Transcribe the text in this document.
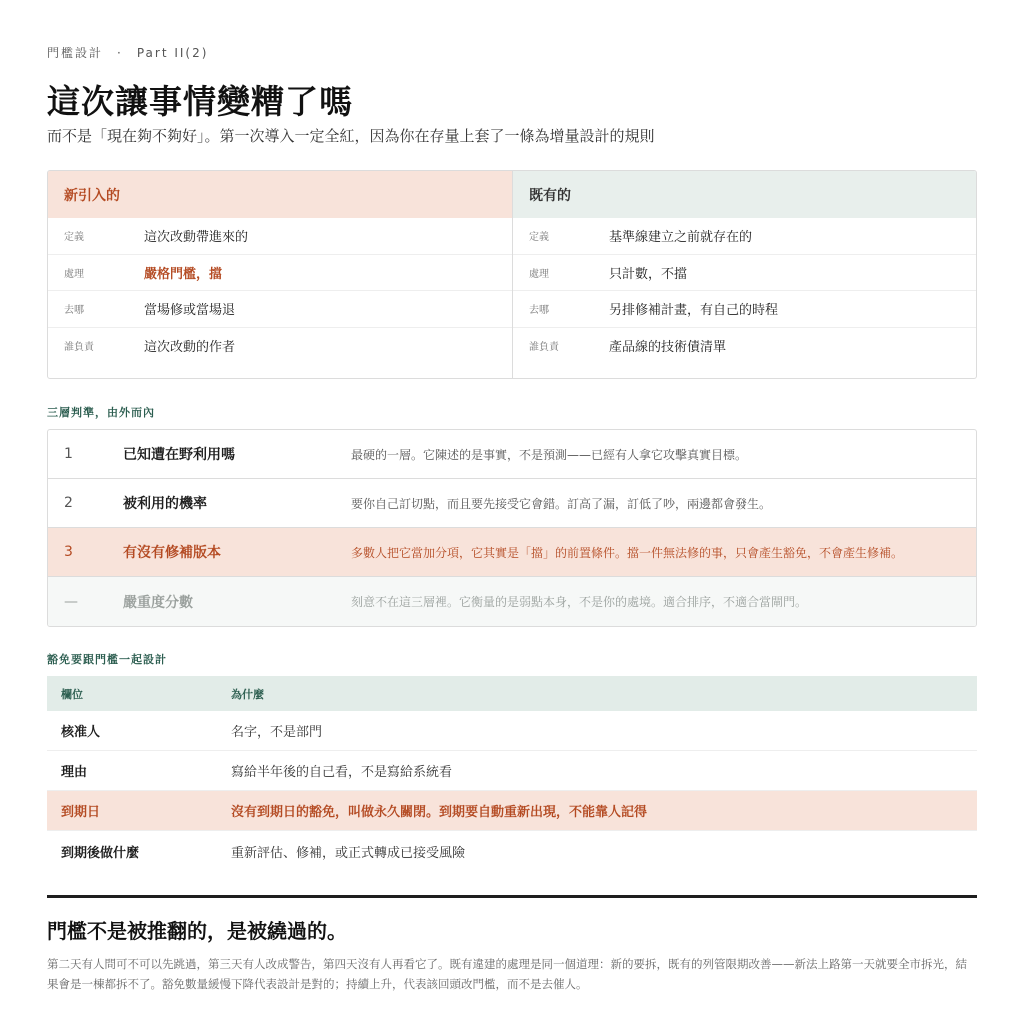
門檻設計 · Part II(2)
這次讓事情變糟了嗎

而不是「現在夠不夠好」。第一次導入一定全紅，因為你在存量上套了一條為增量設計的規則

新引入的
定義	這次改動帶進來的
處理	嚴格門檻，擋
去哪	當場修或當場退
誰負責	這次改動的作者
既有的
定義	基準線建立之前就存在的
處理	只計數，不擋
去哪	另排修補計畫，有自己的時程
誰負責	產品線的技術債清單
三層判準，由外而內
1	已知遭在野利用嗎	最硬的一層。它陳述的是事實，不是預測——已經有人拿它攻擊真實目標。
2	被利用的機率	要你自己訂切點，而且要先接受它會錯。訂高了漏，訂低了吵，兩邊都會發生。
3	有沒有修補版本	多數人把它當加分項，它其實是「擋」的前置條件。擋一件無法修的事，只會產生豁免，不會產生修補。
—	嚴重度分數	刻意不在這三層裡。它衡量的是弱點本身，不是你的處境。適合排序，不適合當閘門。
豁免要跟門檻一起設計
欄位	為什麼
核准人	名字，不是部門
理由	寫給半年後的自己看，不是寫給系統看
到期日	沒有到期日的豁免，叫做永久關閉。到期要自動重新出現，不能靠人記得
到期後做什麼	重新評估、修補，或正式轉成已接受風險
門檻不是被推翻的，是被繞過的。

第二天有人問可不可以先跳過，第三天有人改成警告，第四天沒有人再看它了。既有違建的處理是同一個道理：新的要拆，既有的列管限期改善——新法上路第一天就要全市拆光，結果會是一棟都拆不了。豁免數量緩慢下降代表設計是對的；持續上升，代表該回頭改門檻，而不是去催人。
